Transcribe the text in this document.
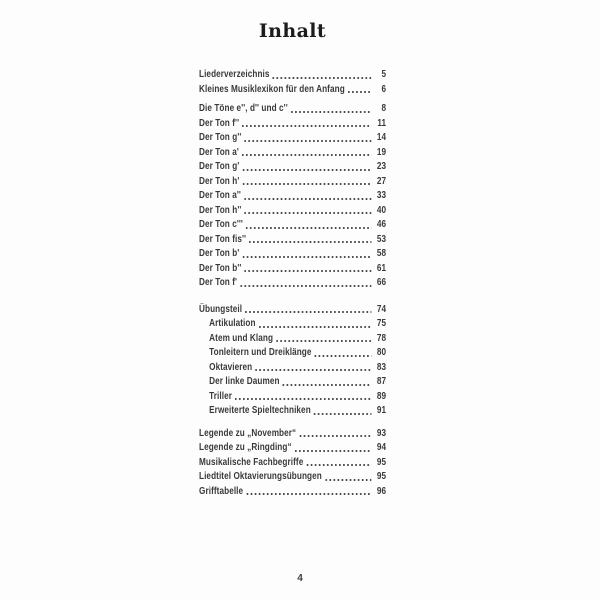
Inhalt
Liederverzeichnis	5
Kleines Musiklexikon für den Anfang	6
Die Töne e'', d'' und c''	8
Der Ton f''	11
Der Ton g''	14
Der Ton a'	19
Der Ton g'	23
Der Ton h'	27
Der Ton a''	33
Der Ton h''	40
Der Ton c'''	46
Der Ton fis''	53
Der Ton b'	58
Der Ton b''	61
Der Ton f'	66
Übungsteil	74
Artikulation	75
Atem und Klang	78
Tonleitern und Dreiklänge	80
Oktavieren	83
Der linke Daumen	87
Triller	89
Erweiterte Spieltechniken	91
Legende zu „November“	93
Legende zu „Ringding“	94
Musikalische Fachbegriffe	95
Liedtitel Oktavierungsübungen	95
Grifftabelle	96
4
